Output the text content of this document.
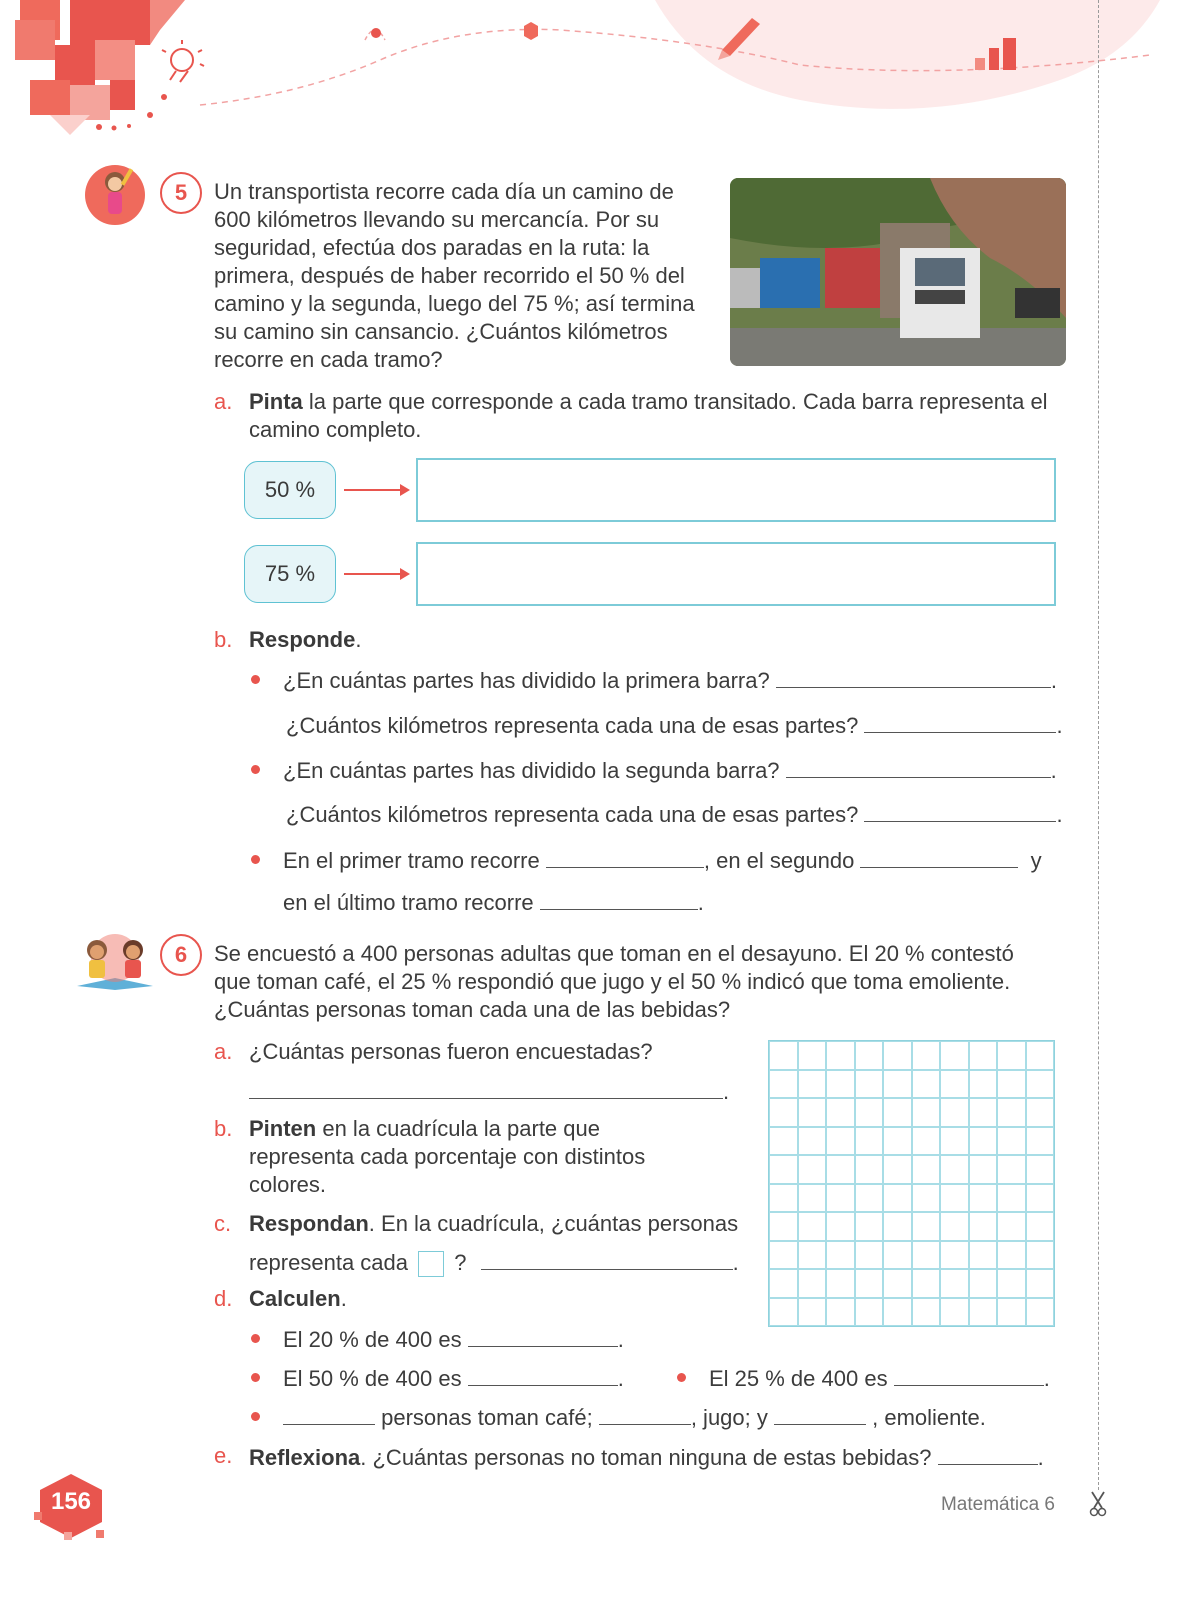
5	Un transportista recorre cada día un camino de 600 kilómetros llevando su mercancía. Por su seguridad, efectúa dos paradas en la ruta: la primera, después de haber recorrido el 50 % del camino y la segunda, luego del 75 %; así termina su camino sin cansancio. ¿Cuántos kilómetros recorre en cada tramo?
a. Pinta la parte que corresponde a cada tramo transitado. Cada barra representa el camino completo.
50 %
75 %
b. Responde.
¿En cuántas partes has dividido la primera barra?	.
¿Cuántos kilómetros representa cada una de esas partes?	.
¿En cuántas partes has dividido la segunda barra?	.
¿Cuántos kilómetros representa cada una de esas partes?	.
En el primer tramo recorre	, en el segundo	y
en el último tramo recorre	.
6	Se encuestó a 400 personas adultas que toman en el desayuno. El 20 % contestó que toman café, el 25 % respondió que jugo y el 50 % indicó que toma emoliente. ¿Cuántas personas toman cada una de las bebidas?
a. ¿Cuántas personas fueron encuestadas?
.
b. Pinten en la cuadrícula la parte que representa cada porcentaje con distintos colores.
c. Respondan. En la cuadrícula, ¿cuántas personas
representa cada ?	.
d. Calculen.
El 20 % de 400 es	.
El 50 % de 400 es	.	El 25 % de 400 es	.
personas toman café;	, jugo; y	, emoliente.
e. Reflexiona. ¿Cuántas personas no toman ninguna de estas bebidas?	.
156	Matemática 6
